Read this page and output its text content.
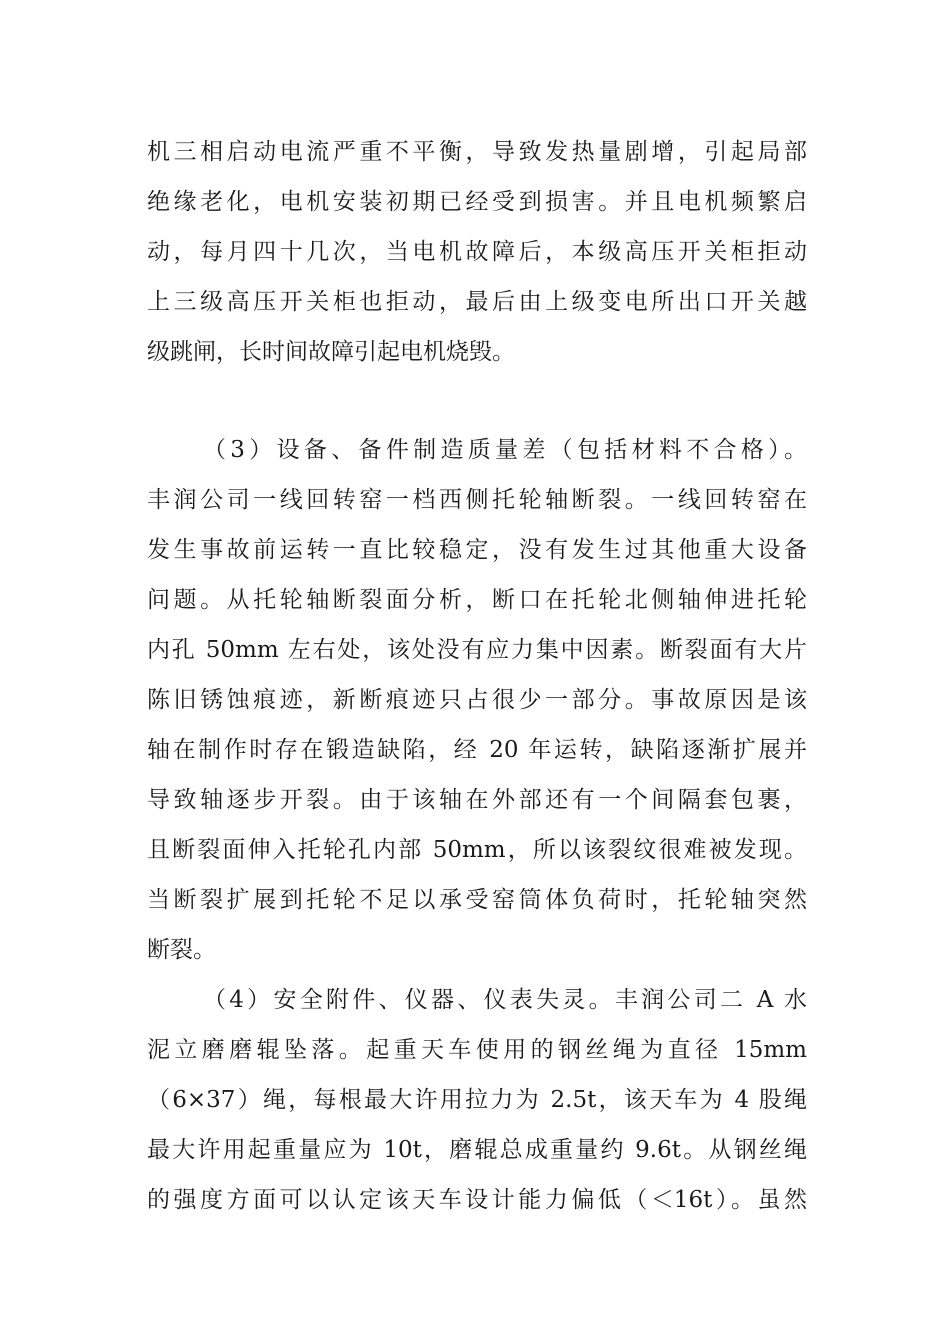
机三相启动电流严重不平衡，导致发热量剧增，引起局部
绝缘老化，电机安装初期已经受到损害。并且电机频繁启
动，每月四十几次，当电机故障后，本级高压开关柜拒动
上三级高压开关柜也拒动，最后由上级变电所出口开关越
级跳闸，长时间故障引起电机烧毁。
（3）设备、备件制造质量差（包括材料不合格）。
丰润公司一线回转窑一档西侧托轮轴断裂。一线回转窑在
发生事故前运转一直比较稳定，没有发生过其他重大设备
问题。从托轮轴断裂面分析，断口在托轮北侧轴伸进托轮
内孔 50mm 左右处，该处没有应力集中因素。断裂面有大片
陈旧锈蚀痕迹，新断痕迹只占很少一部分。事故原因是该
轴在制作时存在锻造缺陷，经 20 年运转，缺陷逐渐扩展并
导致轴逐步开裂。由于该轴在外部还有一个间隔套包裹，
且断裂面伸入托轮孔内部 50mm，所以该裂纹很难被发现。
当断裂扩展到托轮不足以承受窑筒体负荷时，托轮轴突然
断裂。
（4）安全附件、仪器、仪表失灵。丰润公司二 A 水
泥立磨磨辊坠落。起重天车使用的钢丝绳为直径 15mm
（6×37）绳，每根最大许用拉力为 2.5t，该天车为 4 股绳
最大许用起重量应为 10t，磨辊总成重量约 9.6t。从钢丝绳
的强度方面可以认定该天车设计能力偏低（＜16t）。虽然
